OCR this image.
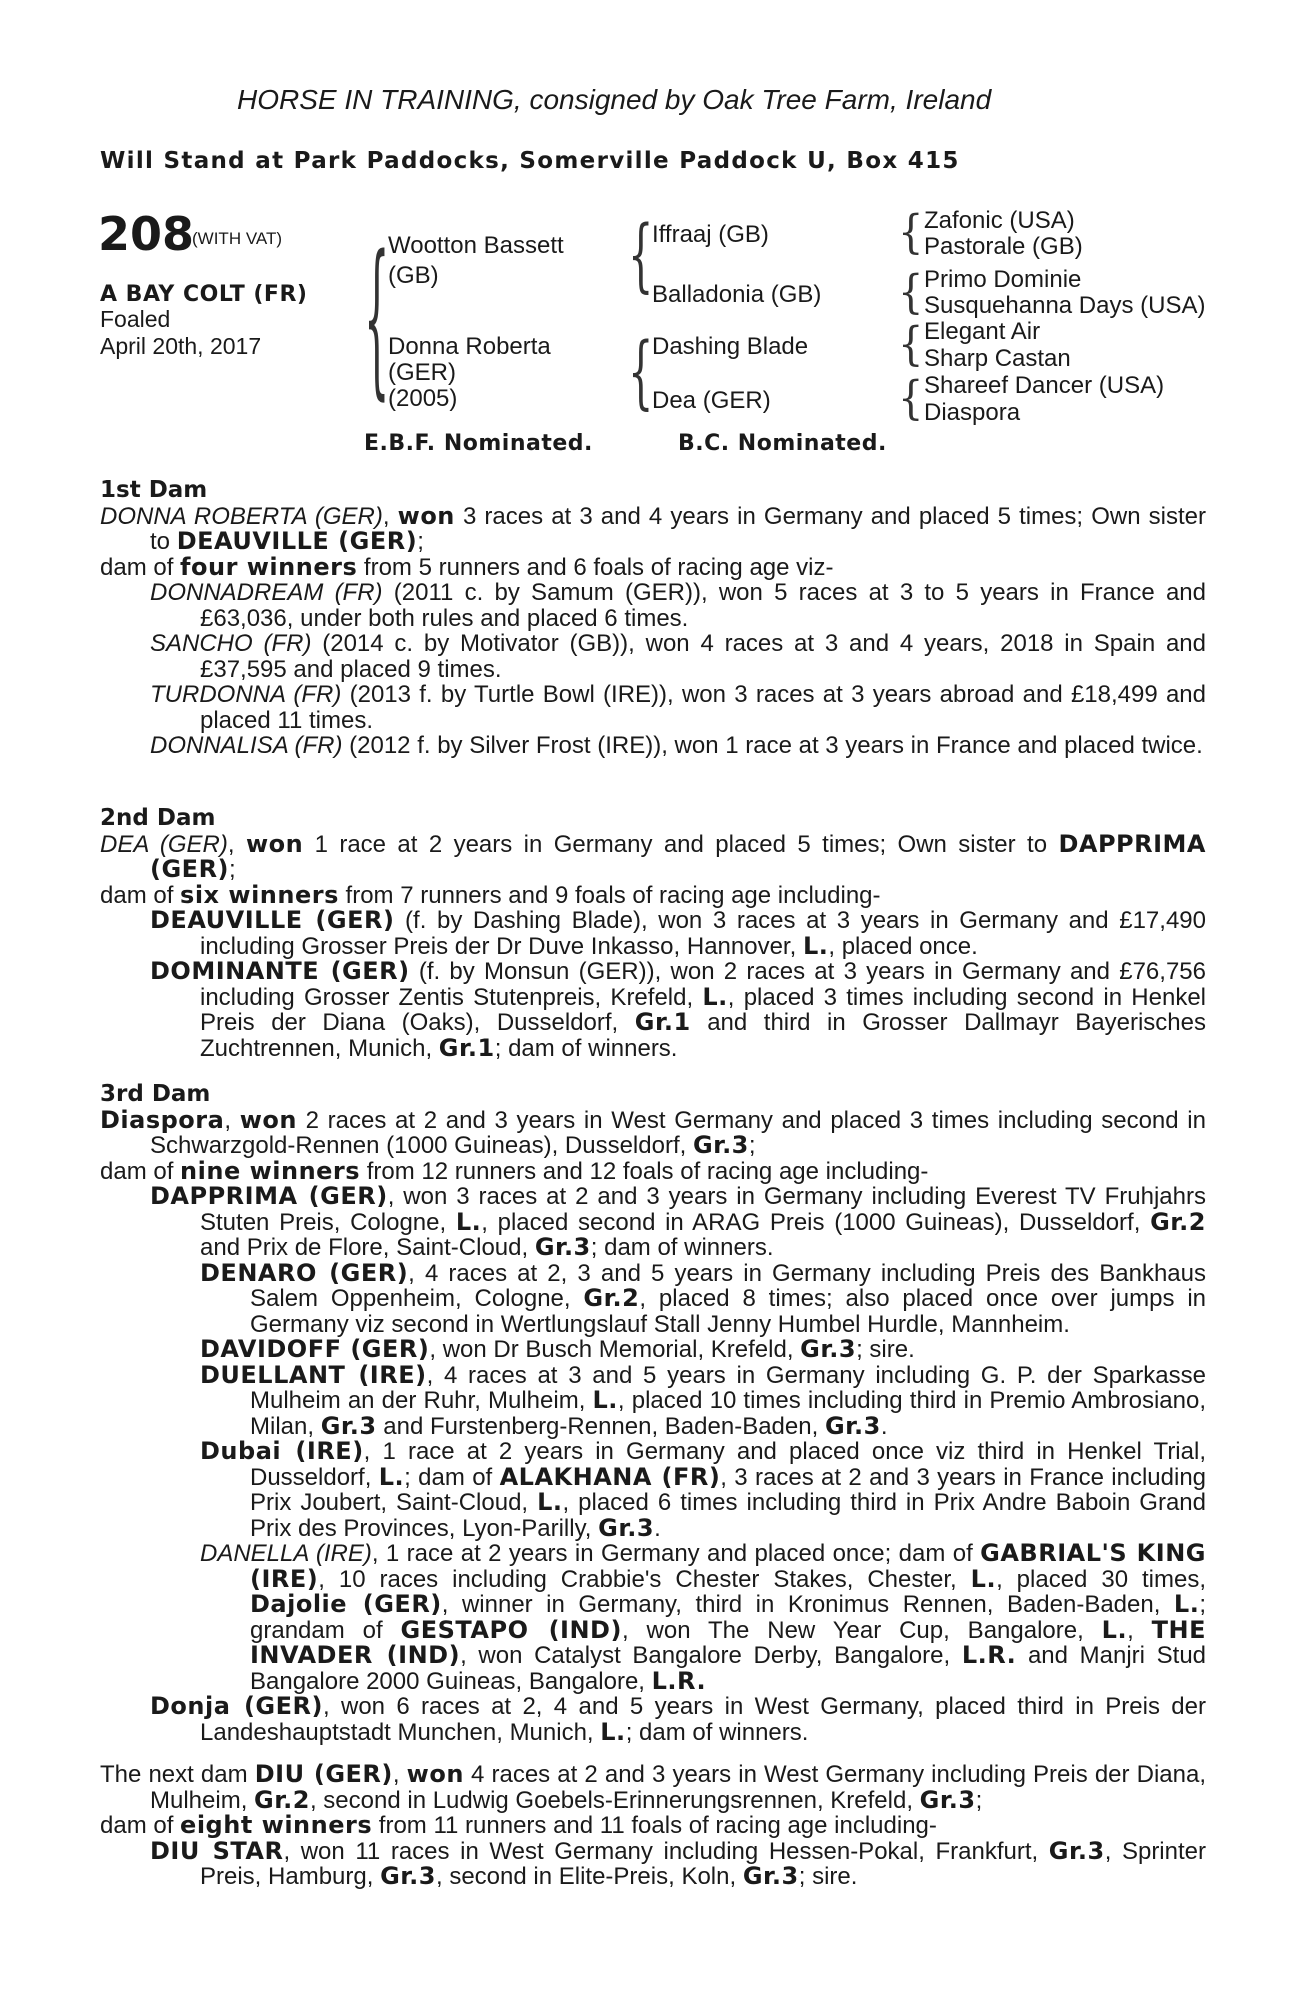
HORSE IN TRAINING, consigned by Oak Tree Farm, Ireland
Will Stand at Park Paddocks, Somerville Paddock U, Box 415
208
(WITH VAT)
A BAY COLT (FR)
Foaled
April 20th, 2017	{
Wootton Bassett
(GB)
Donna Roberta
(GER)
(2005)
{
Iffraaj (GB)
Balladonia (GB)
{
Dashing Blade
Dea (GER)
{ Zafonic (USA)
Pastorale (GB)
{ Primo Dominie
Susquehanna Days (USA)
{ Elegant Air
Sharp Castan
{ Shareef Dancer (USA)
Diaspora
E.B.F. Nominated.	B.C. Nominated.

1st Dam

DONNA ROBERTA (GER), won 3 races at 3 and 4 years in Germany and placed 5 times; Own sister to DEAUVILLE (GER);

dam of four winners from 5 runners and 6 foals of racing age viz-

DONNADREAM (FR) (2011 c. by Samum (GER)), won 5 races at 3 to 5 years in France and £63,036, under both rules and placed 6 times.

SANCHO (FR) (2014 c. by Motivator (GB)), won 4 races at 3 and 4 years, 2018 in Spain and £37,595 and placed 9 times.

TURDONNA (FR) (2013 f. by Turtle Bowl (IRE)), won 3 races at 3 years abroad and £18,499 and placed 11 times.

DONNALISA (FR) (2012 f. by Silver Frost (IRE)), won 1 race at 3 years in France and placed twice.

2nd Dam

DEA (GER), won 1 race at 2 years in Germany and placed 5 times; Own sister to DAPPRIMA (GER);

dam of six winners from 7 runners and 9 foals of racing age including-

DEAUVILLE (GER) (f. by Dashing Blade), won 3 races at 3 years in Germany and £17,490 including Grosser Preis der Dr Duve Inkasso, Hannover, L., placed once.

DOMINANTE (GER) (f. by Monsun (GER)), won 2 races at 3 years in Germany and £76,756 including Grosser Zentis Stutenpreis, Krefeld, L., placed 3 times including second in Henkel Preis der Diana (Oaks), Dusseldorf, Gr.1 and third in Grosser Dallmayr Bayerisches Zuchtrennen, Munich, Gr.1; dam of winners.

3rd Dam

Diaspora, won 2 races at 2 and 3 years in West Germany and placed 3 times including second in Schwarzgold-Rennen (1000 Guineas), Dusseldorf, Gr.3;

dam of nine winners from 12 runners and 12 foals of racing age including-

DAPPRIMA (GER), won 3 races at 2 and 3 years in Germany including Everest TV Fruhjahrs Stuten Preis, Cologne, L., placed second in ARAG Preis (1000 Guineas), Dusseldorf, Gr.2 and Prix de Flore, Saint-Cloud, Gr.3; dam of winners.

DENARO (GER), 4 races at 2, 3 and 5 years in Germany including Preis des Bankhaus Salem Oppenheim, Cologne, Gr.2, placed 8 times; also placed once over jumps in Germany viz second in Wertlungslauf Stall Jenny Humbel Hurdle, Mannheim.

DAVIDOFF (GER), won Dr Busch Memorial, Krefeld, Gr.3; sire.

DUELLANT (IRE), 4 races at 3 and 5 years in Germany including G. P. der Sparkasse Mulheim an der Ruhr, Mulheim, L., placed 10 times including third in Premio Ambrosiano, Milan, Gr.3 and Furstenberg-Rennen, Baden-Baden, Gr.3.

Dubai (IRE), 1 race at 2 years in Germany and placed once viz third in Henkel Trial, Dusseldorf, L.; dam of ALAKHANA (FR), 3 races at 2 and 3 years in France including Prix Joubert, Saint-Cloud, L., placed 6 times including third in Prix Andre Baboin Grand Prix des Provinces, Lyon-Parilly, Gr.3.

DANELLA (IRE), 1 race at 2 years in Germany and placed once; dam of GABRIAL'S KING (IRE), 10 races including Crabbie's Chester Stakes, Chester, L., placed 30 times, Dajolie (GER), winner in Germany, third in Kronimus Rennen, Baden-Baden, L.; grandam of GESTAPO (IND), won The New Year Cup, Bangalore, L., THE INVADER (IND), won Catalyst Bangalore Derby, Bangalore, L.R. and Manjri Stud Bangalore 2000 Guineas, Bangalore, L.R.

Donja (GER), won 6 races at 2, 4 and 5 years in West Germany, placed third in Preis der Landeshauptstadt Munchen, Munich, L.; dam of winners.

The next dam DIU (GER), won 4 races at 2 and 3 years in West Germany including Preis der Diana, Mulheim, Gr.2, second in Ludwig Goebels-Erinnerungsrennen, Krefeld, Gr.3;

dam of eight winners from 11 runners and 11 foals of racing age including-

DIU STAR, won 11 races in West Germany including Hessen-Pokal, Frankfurt, Gr.3, Sprinter Preis, Hamburg, Gr.3, second in Elite-Preis, Koln, Gr.3; sire.
